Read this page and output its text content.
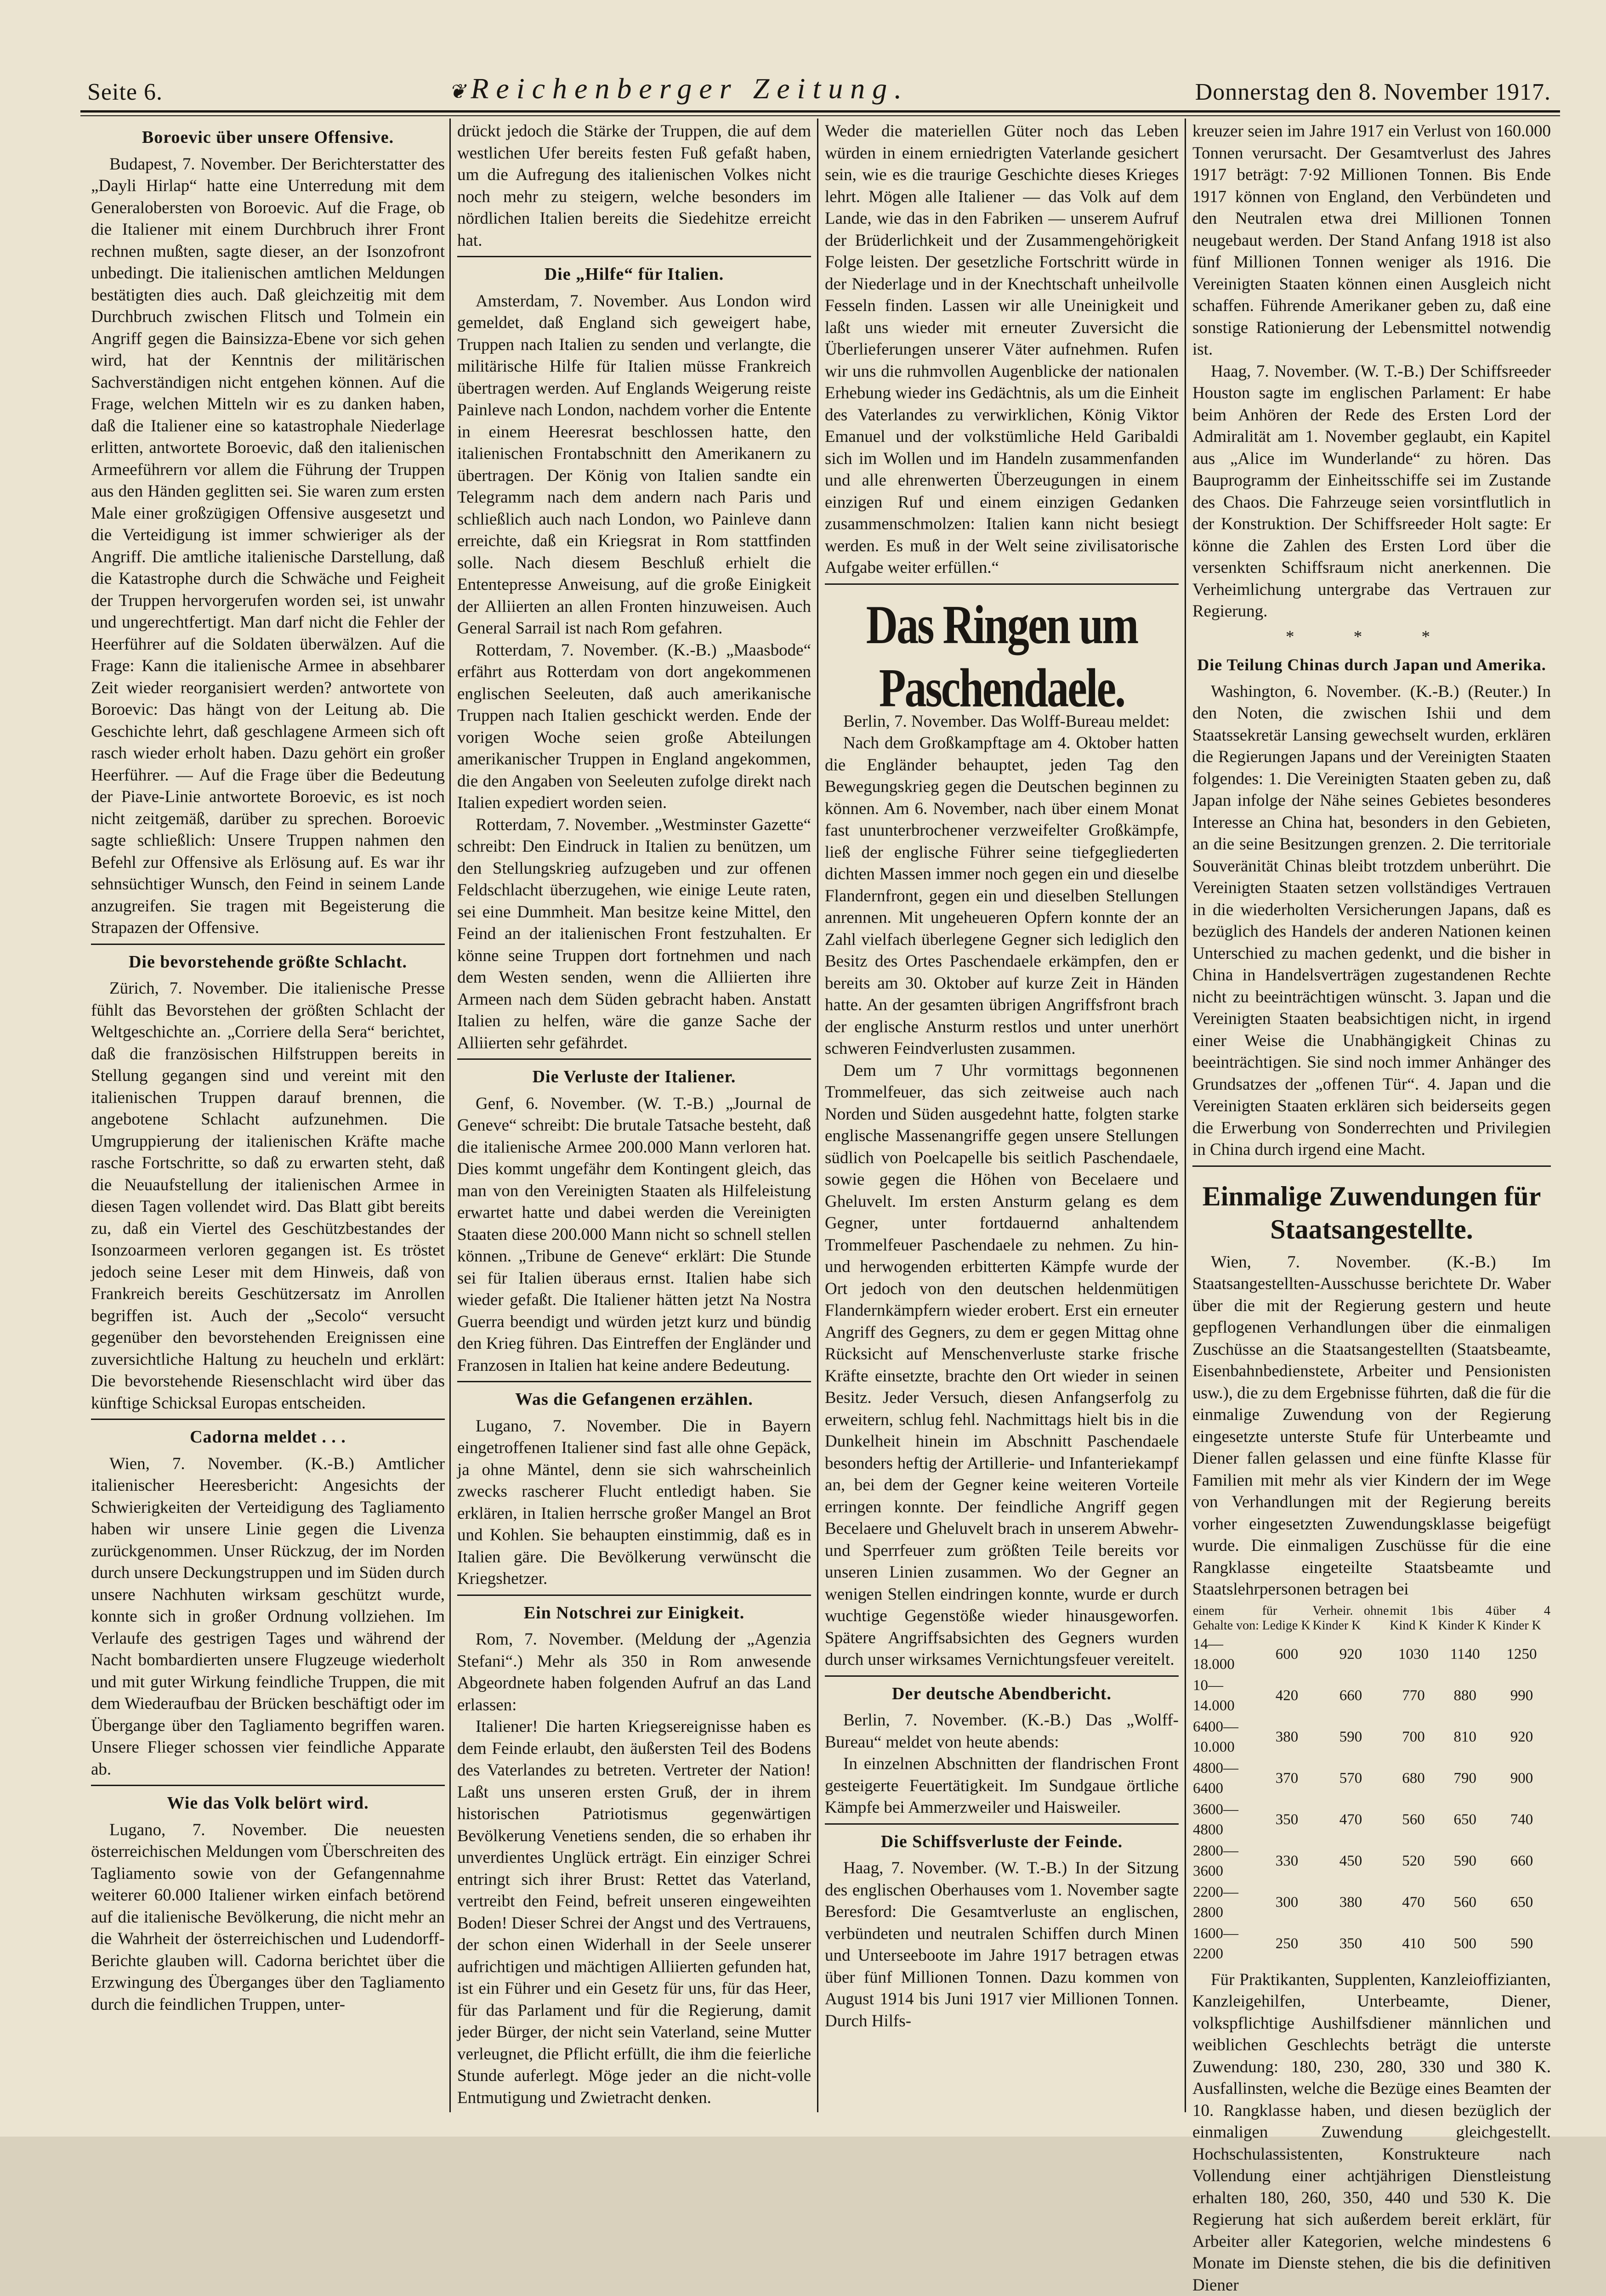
Seite 6.	❦ Reichenberger Zeitung.	Donnerstag den 8. November 1917.
Boroevic über unsere Offensive.

Budapest, 7. November. Der Berichterstatter des „Dayli Hirlap“ hatte eine Unterredung mit dem Generalobersten von Boroevic. Auf die Frage, ob die Italiener mit einem Durchbruch ihrer Front rechnen mußten, sagte dieser, an der Isonzofront unbedingt. Die italienischen amtlichen Meldungen bestätigten dies auch. Daß gleichzeitig mit dem Durchbruch zwischen Flitsch und Tolmein ein Angriff gegen die Bainsizza-Ebene vor sich gehen wird, hat der Kenntnis der militärischen Sachverständigen nicht entgehen können. Auf die Frage, welchen Mitteln wir es zu danken haben, daß die Italiener eine so katastrophale Niederlage erlitten, antwortete Boroevic, daß den italienischen Armeeführern vor allem die Führung der Truppen aus den Händen geglitten sei. Sie waren zum ersten Male einer großzügigen Offensive ausgesetzt und die Verteidigung ist immer schwieriger als der Angriff. Die amtliche italienische Darstellung, daß die Katastrophe durch die Schwäche und Feigheit der Truppen hervorgerufen worden sei, ist unwahr und ungerechtfertigt. Man darf nicht die Fehler der Heerführer auf die Soldaten überwälzen. Auf die Frage: Kann die italienische Armee in absehbarer Zeit wieder reorganisiert werden? antwortete von Boroevic: Das hängt von der Leitung ab. Die Geschichte lehrt, daß geschlagene Armeen sich oft rasch wieder erholt haben. Dazu gehört ein großer Heerführer. — Auf die Frage über die Bedeutung der Piave-Linie antwortete Boroevic, es ist noch nicht zeitgemäß, darüber zu sprechen. Boroevic sagte schließlich: Unsere Truppen nahmen den Befehl zur Offensive als Erlösung auf. Es war ihr sehnsüchtiger Wunsch, den Feind in seinem Lande anzugreifen. Sie tragen mit Begeisterung die Strapazen der Offensive.

Die bevorstehende größte Schlacht.

Zürich, 7. November. Die italienische Presse fühlt das Bevorstehen der größten Schlacht der Weltgeschichte an. „Corriere della Sera“ berichtet, daß die französischen Hilfstruppen bereits in Stellung gegangen sind und vereint mit den italienischen Truppen darauf brennen, die angebotene Schlacht aufzunehmen. Die Umgruppierung der italienischen Kräfte mache rasche Fortschritte, so daß zu erwarten steht, daß die Neuaufstellung der italienischen Armee in diesen Tagen vollendet wird. Das Blatt gibt bereits zu, daß ein Viertel des Geschützbestandes der Isonzoarmeen verloren gegangen ist. Es tröstet jedoch seine Leser mit dem Hinweis, daß von Frankreich bereits Geschützersatz im Anrollen begriffen ist. Auch der „Secolo“ versucht gegenüber den bevorstehenden Ereignissen eine zuversichtliche Haltung zu heucheln und erklärt: Die bevorstehende Riesenschlacht wird über das künftige Schicksal Europas entscheiden.

Cadorna meldet . . .

Wien, 7. November. (K.-B.) Amtlicher italienischer Heeresbericht: Angesichts der Schwierigkeiten der Verteidigung des Tagliamento haben wir unsere Linie gegen die Livenza zurückgenommen. Unser Rückzug, der im Norden durch unsere Deckungstruppen und im Süden durch unsere Nachhuten wirksam geschützt wurde, konnte sich in großer Ordnung vollziehen. Im Verlaufe des gestrigen Tages und während der Nacht bombardierten unsere Flugzeuge wiederholt und mit guter Wirkung feindliche Truppen, die mit dem Wiederaufbau der Brücken beschäftigt oder im Übergange über den Tagliamento begriffen waren. Unsere Flieger schossen vier feindliche Apparate ab.

Wie das Volk belört wird.

Lugano, 7. November. Die neuesten österreichischen Meldungen vom Überschreiten des Tagliamento sowie von der Gefangennahme weiterer 60.000 Italiener wirken einfach betörend auf die italienische Bevölkerung, die nicht mehr an die Wahrheit der österreichischen und Ludendorff-Berichte glauben will. Cadorna berichtet über die Erzwingung des Überganges über den Tagliamento durch die feindlichen Truppen, unter-

drückt jedoch die Stärke der Truppen, die auf dem westlichen Ufer bereits festen Fuß gefaßt haben, um die Aufregung des italienischen Volkes nicht noch mehr zu steigern, welche besonders im nördlichen Italien bereits die Siedehitze erreicht hat.

Die „Hilfe“ für Italien.

Amsterdam, 7. November. Aus London wird gemeldet, daß England sich geweigert habe, Truppen nach Italien zu senden und verlangte, die militärische Hilfe für Italien müsse Frankreich übertragen werden. Auf Englands Weigerung reiste Painleve nach London, nachdem vorher die Entente in einem Heeresrat beschlossen hatte, den italienischen Frontabschnitt den Amerikanern zu übertragen. Der König von Italien sandte ein Telegramm nach dem andern nach Paris und schließlich auch nach London, wo Painleve dann erreichte, daß ein Kriegsrat in Rom stattfinden solle. Nach diesem Beschluß erhielt die Ententepresse Anweisung, auf die große Einigkeit der Alliierten an allen Fronten hinzuweisen. Auch General Sarrail ist nach Rom gefahren.

Rotterdam, 7. November. (K.-B.) „Maasbode“ erfährt aus Rotterdam von dort angekommenen englischen Seeleuten, daß auch amerikanische Truppen nach Italien geschickt werden. Ende der vorigen Woche seien große Abteilungen amerikanischer Truppen in England angekommen, die den Angaben von Seeleuten zufolge direkt nach Italien expediert worden seien.

Rotterdam, 7. November. „Westminster Gazette“ schreibt: Den Eindruck in Italien zu benützen, um den Stellungskrieg aufzugeben und zur offenen Feldschlacht überzugehen, wie einige Leute raten, sei eine Dummheit. Man besitze keine Mittel, den Feind an der italienischen Front festzuhalten. Er könne seine Truppen dort fortnehmen und nach dem Westen senden, wenn die Alliierten ihre Armeen nach dem Süden gebracht haben. Anstatt Italien zu helfen, wäre die ganze Sache der Alliierten sehr gefährdet.

Die Verluste der Italiener.

Genf, 6. November. (W. T.-B.) „Journal de Geneve“ schreibt: Die brutale Tatsache besteht, daß die italienische Armee 200.000 Mann verloren hat. Dies kommt ungefähr dem Kontingent gleich, das man von den Vereinigten Staaten als Hilfeleistung erwartet hatte und dabei werden die Vereinigten Staaten diese 200.000 Mann nicht so schnell stellen können. „Tribune de Geneve“ erklärt: Die Stunde sei für Italien überaus ernst. Italien habe sich wieder gefaßt. Die Italiener hätten jetzt Na Nostra Guerra beendigt und würden jetzt kurz und bündig den Krieg führen. Das Eintreffen der Engländer und Franzosen in Italien hat keine andere Bedeutung.

Was die Gefangenen erzählen.

Lugano, 7. November. Die in Bayern eingetroffenen Italiener sind fast alle ohne Gepäck, ja ohne Mäntel, denn sie sich wahrscheinlich zwecks rascherer Flucht entledigt haben. Sie erklären, in Italien herrsche großer Mangel an Brot und Kohlen. Sie behaupten einstimmig, daß es in Italien gäre. Die Bevölkerung verwünscht die Kriegshetzer.

Ein Notschrei zur Einigkeit.

Rom, 7. November. (Meldung der „Agenzia Stefani“.) Mehr als 350 in Rom anwesende Abgeordnete haben folgenden Aufruf an das Land erlassen:

Italiener! Die harten Kriegsereignisse haben es dem Feinde erlaubt, den äußersten Teil des Bodens des Vaterlandes zu betreten. Vertreter der Nation! Laßt uns unseren ersten Gruß, der in ihrem historischen Patriotismus gegenwärtigen Bevölkerung Venetiens senden, die so erhaben ihr unverdientes Unglück erträgt. Ein einziger Schrei entringt sich ihrer Brust: Rettet das Vaterland, vertreibt den Feind, befreit unseren eingeweihten Boden! Dieser Schrei der Angst und des Vertrauens, der schon einen Widerhall in der Seele unserer aufrichtigen und mächtigen Alliierten gefunden hat, ist ein Führer und ein Gesetz für uns, für das Heer, für das Parlament und für die Regierung, damit jeder Bürger, der nicht sein Vaterland, seine Mutter verleugnet, die Pflicht erfüllt, die ihm die feierliche Stunde auferlegt. Möge jeder an die nicht-volle Entmutigung und Zwietracht denken.

Weder die materiellen Güter noch das Leben würden in einem erniedrigten Vaterlande gesichert sein, wie es die traurige Geschichte dieses Krieges lehrt. Mögen alle Italiener — das Volk auf dem Lande, wie das in den Fabriken — unserem Aufruf der Brüderlichkeit und der Zusammengehörigkeit Folge leisten. Der gesetzliche Fortschritt würde in der Niederlage und in der Knechtschaft unheilvolle Fesseln finden. Lassen wir alle Uneinigkeit und laßt uns wieder mit erneuter Zuversicht die Überlieferungen unserer Väter aufnehmen. Rufen wir uns die ruhmvollen Augenblicke der nationalen Erhebung wieder ins Gedächtnis, als um die Einheit des Vaterlandes zu verwirklichen, König Viktor Emanuel und der volkstümliche Held Garibaldi sich im Wollen und im Handeln zusammenfanden und alle ehrenwerten Überzeugungen in einem einzigen Ruf und einem einzigen Gedanken zusammenschmolzen: Italien kann nicht besiegt werden. Es muß in der Welt seine zivilisatorische Aufgabe weiter erfüllen.“

Das Ringen um Paschendaele.

Berlin, 7. November. Das Wolff-Bureau meldet:

Nach dem Großkampftage am 4. Oktober hatten die Engländer behauptet, jeden Tag den Bewegungskrieg gegen die Deutschen beginnen zu können. Am 6. November, nach über einem Monat fast ununterbrochener verzweifelter Großkämpfe, ließ der englische Führer seine tiefgegliederten dichten Massen immer noch gegen ein und dieselbe Flandernfront, gegen ein und dieselben Stellungen anrennen. Mit ungeheueren Opfern konnte der an Zahl vielfach überlegene Gegner sich lediglich den Besitz des Ortes Paschendaele erkämpfen, den er bereits am 30. Oktober auf kurze Zeit in Händen hatte. An der gesamten übrigen Angriffsfront brach der englische Ansturm restlos und unter unerhört schweren Feindverlusten zusammen.

Dem um 7 Uhr vormittags begonnenen Trommelfeuer, das sich zeitweise auch nach Norden und Süden ausgedehnt hatte, folgten starke englische Massenangriffe gegen unsere Stellungen südlich von Poelcapelle bis seitlich Paschendaele, sowie gegen die Höhen von Becelaere und Gheluvelt. Im ersten Ansturm gelang es dem Gegner, unter fortdauernd anhaltendem Trommelfeuer Paschendaele zu nehmen. Zu hin- und herwogenden erbitterten Kämpfe wurde der Ort jedoch von den deutschen heldenmütigen Flandernkämpfern wieder erobert. Erst ein erneuter Angriff des Gegners, zu dem er gegen Mittag ohne Rücksicht auf Menschenverluste starke frische Kräfte einsetzte, brachte den Ort wieder in seinen Besitz. Jeder Versuch, diesen Anfangserfolg zu erweitern, schlug fehl. Nachmittags hielt bis in die Dunkelheit hinein im Abschnitt Paschendaele besonders heftig der Artillerie- und Infanteriekampf an, bei dem der Gegner keine weiteren Vorteile erringen konnte. Der feindliche Angriff gegen Becelaere und Gheluvelt brach in unserem Abwehr- und Sperrfeuer zum größten Teile bereits vor unseren Linien zusammen. Wo der Gegner an wenigen Stellen eindringen konnte, wurde er durch wuchtige Gegenstöße wieder hinausgeworfen. Spätere Angriffsabsichten des Gegners wurden durch unser wirksames Vernichtungsfeuer vereitelt.

Der deutsche Abendbericht.

Berlin, 7. November. (K.-B.) Das „Wolff-Bureau“ meldet von heute abends:

In einzelnen Abschnitten der flandrischen Front gesteigerte Feuertätigkeit. Im Sundgaue örtliche Kämpfe bei Ammerzweiler und Haisweiler.

Die Schiffsverluste der Feinde.

Haag, 7. November. (W. T.-B.) In der Sitzung des englischen Oberhauses vom 1. November sagte Beresford: Die Gesamtverluste an englischen, verbündeten und neutralen Schiffen durch Minen und Unterseeboote im Jahre 1917 betragen etwas über fünf Millionen Tonnen. Dazu kommen von August 1914 bis Juni 1917 vier Millionen Tonnen. Durch Hilfs-

kreuzer seien im Jahre 1917 ein Verlust von 160.000 Tonnen verursacht. Der Gesamtverlust des Jahres 1917 beträgt: 7·92 Millionen Tonnen. Bis Ende 1917 können von England, den Verbündeten und den Neutralen etwa drei Millionen Tonnen neugebaut werden. Der Stand Anfang 1918 ist also fünf Millionen Tonnen weniger als 1916. Die Vereinigten Staaten können einen Ausgleich nicht schaffen. Führende Amerikaner geben zu, daß eine sonstige Rationierung der Lebensmittel notwendig ist.

Haag, 7. November. (W. T.-B.) Der Schiffsreeder Houston sagte im englischen Parlament: Er habe beim Anhören der Rede des Ersten Lord der Admiralität am 1. November geglaubt, ein Kapitel aus „Alice im Wunderlande“ zu hören. Das Bauprogramm der Einheitsschiffe sei im Zustande des Chaos. Die Fahrzeuge seien vorsintflutlich in der Konstruktion. Der Schiffsreeder Holt sagte: Er könne die Zahlen des Ersten Lord über die versenkten Schiffsraum nicht anerkennen. Die Verheimlichung untergrabe das Vertrauen zur Regierung.

* * *
Die Teilung Chinas durch Japan und Amerika.

Washington, 6. November. (K.-B.) (Reuter.) In den Noten, die zwischen Ishii und dem Staatssekretär Lansing gewechselt wurden, erklären die Regierungen Japans und der Vereinigten Staaten folgendes: 1. Die Vereinigten Staaten geben zu, daß Japan infolge der Nähe seines Gebietes besonderes Interesse an China hat, besonders in den Gebieten, an die seine Besitzungen grenzen. 2. Die territoriale Souveränität Chinas bleibt trotzdem unberührt. Die Vereinigten Staaten setzen vollständiges Vertrauen in die wiederholten Versicherungen Japans, daß es bezüglich des Handels der anderen Nationen keinen Unterschied zu machen gedenkt, und die bisher in China in Handelsverträgen zugestandenen Rechte nicht zu beeinträchtigen wünscht. 3. Japan und die Vereinigten Staaten beabsichtigen nicht, in irgend einer Weise die Unabhängigkeit Chinas zu beeinträchtigen. Sie sind noch immer Anhänger des Grundsatzes der „offenen Tür“. 4. Japan und die Vereinigten Staaten erklären sich beiderseits gegen die Erwerbung von Sonderrechten und Privilegien in China durch irgend eine Macht.

Einmalige Zuwendungen für Staatsangestellte.

Wien, 7. November. (K.-B.) Im Staatsangestellten-Ausschusse berichtete Dr. Waber über die mit der Regierung gestern und heute gepflogenen Verhandlungen über die einmaligen Zuschüsse an die Staatsangestellten (Staatsbeamte, Eisenbahnbedienstete, Arbeiter und Pensionisten usw.), die zu dem Ergebnisse führten, daß die für die einmalige Zuwendung von der Regierung eingesetzte unterste Stufe für Unterbeamte und Diener fallen gelassen und eine fünfte Klasse für Familien mit mehr als vier Kindern der im Wege von Verhandlungen mit der Regierung bereits vorher eingesetzten Zuwendungsklasse beigefügt wurde. Die einmaligen Zuschüsse für die eine Rangklasse eingeteilte Staatsbeamte und Staatslehrpersonen betragen bei

einem Gehalte von:	für Ledige K	Verheir. ohne Kinder K	mit 1 Kind K	bis 4 Kinder K	über 4 Kinder K
14—18.000	600	920	1030	1140	1250
10—14.000	420	660	770	880	990
6400—10.000	380	590	700	810	920
4800— 6400	370	570	680	790	900
3600— 4800	350	470	560	650	740
2800— 3600	330	450	520	590	660
2200— 2800	300	380	470	560	650
1600— 2200	250	350	410	500	590

Für Praktikanten, Supplenten, Kanzleioffizianten, Kanzleigehilfen, Unterbeamte, Diener, volkspflichtige Aushilfsdiener männlichen und weiblichen Geschlechts beträgt die unterste Zuwendung: 180, 230, 280, 330 und 380 K. Ausfallinsten, welche die Bezüge eines Beamten der 10. Rangklasse haben, und diesen bezüglich der einmaligen Zuwendung gleichgestellt. Hochschulassistenten, Konstrukteure nach Vollendung einer achtjährigen Dienstleistung erhalten 180, 260, 350, 440 und 530 K. Die Regierung hat sich außerdem bereit erklärt, für Arbeiter aller Kategorien, welche mindestens 6 Monate im Dienste stehen, die bis die definitiven Diener
